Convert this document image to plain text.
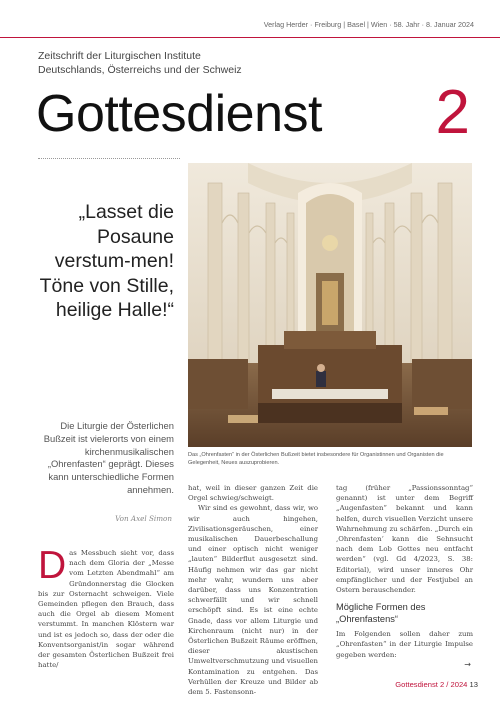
Verlag Herder · Freiburg | Basel | Wien · 58. Jahr · 8. Januar 2024
Zeitschrift der Liturgischen Institute
Deutschlands, Österreichs und der Schweiz
Gottesdienst 2
„Lasset die Posaune verstum-men! Töne von Stille, heilige Halle!“
Die Liturgie der Österlichen Bußzeit ist vielerorts von einem kirchenmusikalischen „Ohrenfasten“ geprägt. Dieses kann unterschiedliche Formen annehmen.
Von Axel Simon
Das „Ohrenfasten“ in der Österlichen Bußzeit bietet insbesondere für Organistinnen und Organisten die Gelegenheit, Neues auszuprobieren.
D as Messbuch sieht vor, dass nach dem Gloria der „Messe vom Letzten Abendmahl“ am Gründonnerstag die Glocken bis zur Osternacht schweigen. Viele Gemeinden pflegen den Brauch, dass auch die Orgel ab diesem Moment verstummt. In manchen Klöstern war und ist es jedoch so, dass der oder die Konventsorganist/in sogar während der gesamten Österlichen Bußzeit frei hatte/

hat, weil in dieser ganzen Zeit die Orgel schwieg/schweigt.

Wir sind es gewohnt, dass wir, wo wir auch hingehen, Zivilisationsgeräuschen, einer musikalischen Dauerbeschallung und einer optisch nicht weniger „lauten“ Bilderflut ausgesetzt sind. Häufig nehmen wir das gar nicht mehr wahr, wundern uns aber darüber, dass uns Konzentration schwerfällt und wir schnell erschöpft sind. Es ist eine echte Gnade, dass vor allem Liturgie und Kirchenraum (nicht nur) in der Österlichen Bußzeit Räume eröffnen, dieser akustischen Umweltverschmutzung und visuellen Kontamination zu entgehen. Das Verhüllen der Kreuze und Bilder ab dem 5. Fastensonn-

tag (früher „Passionssonntag“ genannt) ist unter dem Begriff „Augenfasten“ bekannt und kann helfen, durch visuellen Verzicht unsere Wahrnehmung zu schärfen. „Durch ein ‚Ohrenfasten‘ kann die Sehnsucht nach dem Lob Gottes neu entfacht werden“ (vgl. Gd 4/2023, S. 38: Editorial), wird unser inneres Ohr empfänglicher und der Festjubel an Ostern berauschender.

Mögliche Formen des „Ohrenfastens“

Im Folgenden sollen daher zum „Ohrenfasten“ in der Liturgie Impulse gegeben werden:

→
Gottesdienst 2 / 2024 13
